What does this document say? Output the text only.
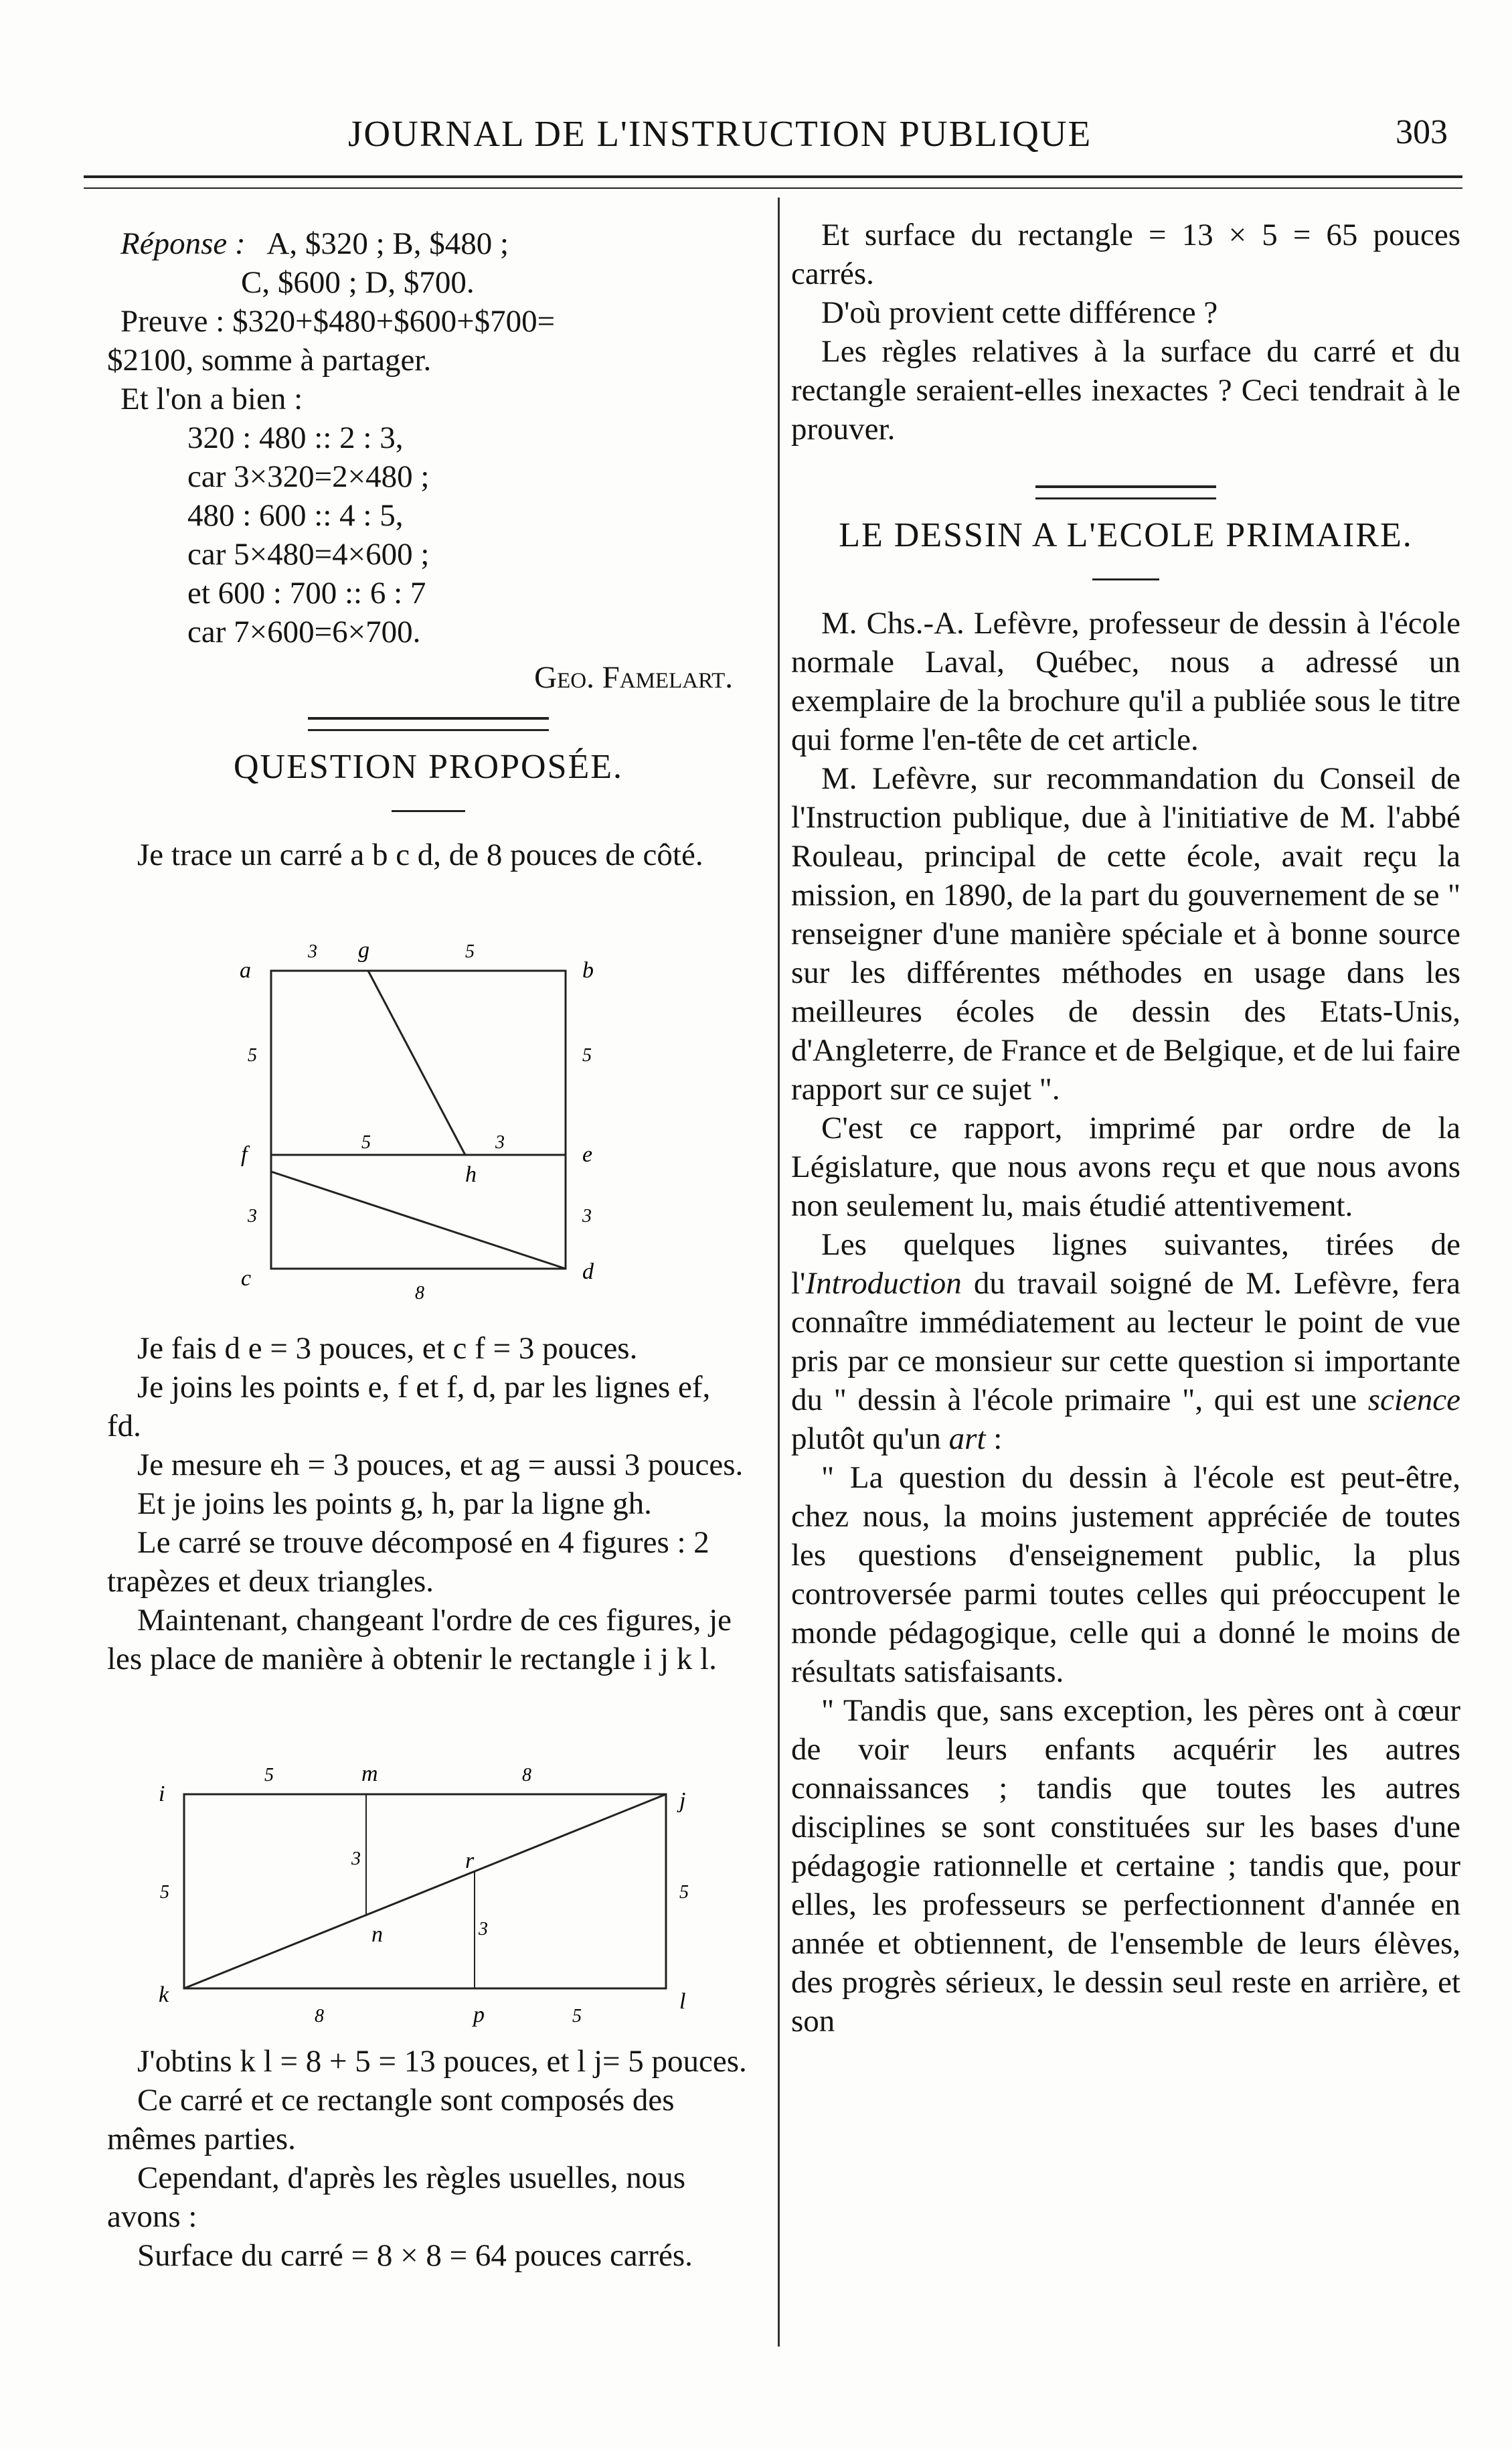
JOURNAL DE L'INSTRUCTION PUBLIQUE	303

Réponse : A, $320 ; B, $480 ;

C, $600 ; D, $700.

Preuve : $320+$480+$600+$700=

$2100, somme à partager.

Et l'on a bien :

320 : 480 :: 2 : 3,
car 3×320=2×480 ;
480 : 600 :: 4 : 5,
car 5×480=4×600 ;
et 600 : 700 :: 6 : 7
car 7×600=6×700.

Geo. Famelart.

QUESTION PROPOSÉE.

Je trace un carré a b c d, de 8 pouces de côté.

a	b
c	d
e
f
g
h
3	5
5
3
5
3
5	3
8

Je fais d e = 3 pouces, et c f = 3 pouces.

Je joins les points e, f et f, d, par les lignes ef, fd.

Je mesure eh = 3 pouces, et ag = aussi 3 pouces.

Et je joins les points g, h, par la ligne gh.

Le carré se trouve décomposé en 4 figures : 2 trapèzes et deux triangles.

Maintenant, changeant l'ordre de ces figures, je les place de manière à obtenir le rectangle i j k l.

i	j
k	l
m
n
p
r
5	8
5	5
3
3
8	5

J'obtins k l = 8 + 5 = 13 pouces, et l j= 5 pouces.

Ce carré et ce rectangle sont composés des mêmes parties.

Cependant, d'après les règles usuelles, nous avons :

Surface du carré = 8 × 8 = 64 pouces carrés.

Et surface du rectangle = 13 × 5 = 65 pouces carrés.

D'où provient cette différence ?

Les règles relatives à la surface du carré et du rectangle seraient-elles inexactes ? Ceci tendrait à le prouver.

LE DESSIN A L'ECOLE PRIMAIRE.

M. Chs.-A. Lefèvre, professeur de dessin à l'école normale Laval, Québec, nous a adressé un exemplaire de la brochure qu'il a publiée sous le titre qui forme l'en-tête de cet article.

M. Lefèvre, sur recommandation du Conseil de l'Instruction publique, due à l'initiative de M. l'abbé Rouleau, principal de cette école, avait reçu la mission, en 1890, de la part du gouvernement de se " renseigner d'une manière spéciale et à bonne source sur les différentes méthodes en usage dans les meilleures écoles de dessin des Etats-Unis, d'Angleterre, de France et de Belgique, et de lui faire rapport sur ce sujet ".

C'est ce rapport, imprimé par ordre de la Législature, que nous avons reçu et que nous avons non seulement lu, mais étudié attentivement.

Les quelques lignes suivantes, tirées de l'Introduction du travail soigné de M. Lefèvre, fera connaître immédiatement au lecteur le point de vue pris par ce monsieur sur cette question si importante du " dessin à l'école primaire ", qui est une science plutôt qu'un art :

" La question du dessin à l'école est peut-être, chez nous, la moins justement appréciée de toutes les questions d'enseignement public, la plus controversée parmi toutes celles qui préoccupent le monde pédagogique, celle qui a donné le moins de résultats satisfaisants.

" Tandis que, sans exception, les pères ont à cœur de voir leurs enfants acquérir les autres connaissances ; tandis que toutes les autres disciplines se sont constituées sur les bases d'une pédagogie rationnelle et certaine ; tandis que, pour elles, les professeurs se perfectionnent d'année en année et obtiennent, de l'ensemble de leurs élèves, des progrès sérieux, le dessin seul reste en arrière, et son
